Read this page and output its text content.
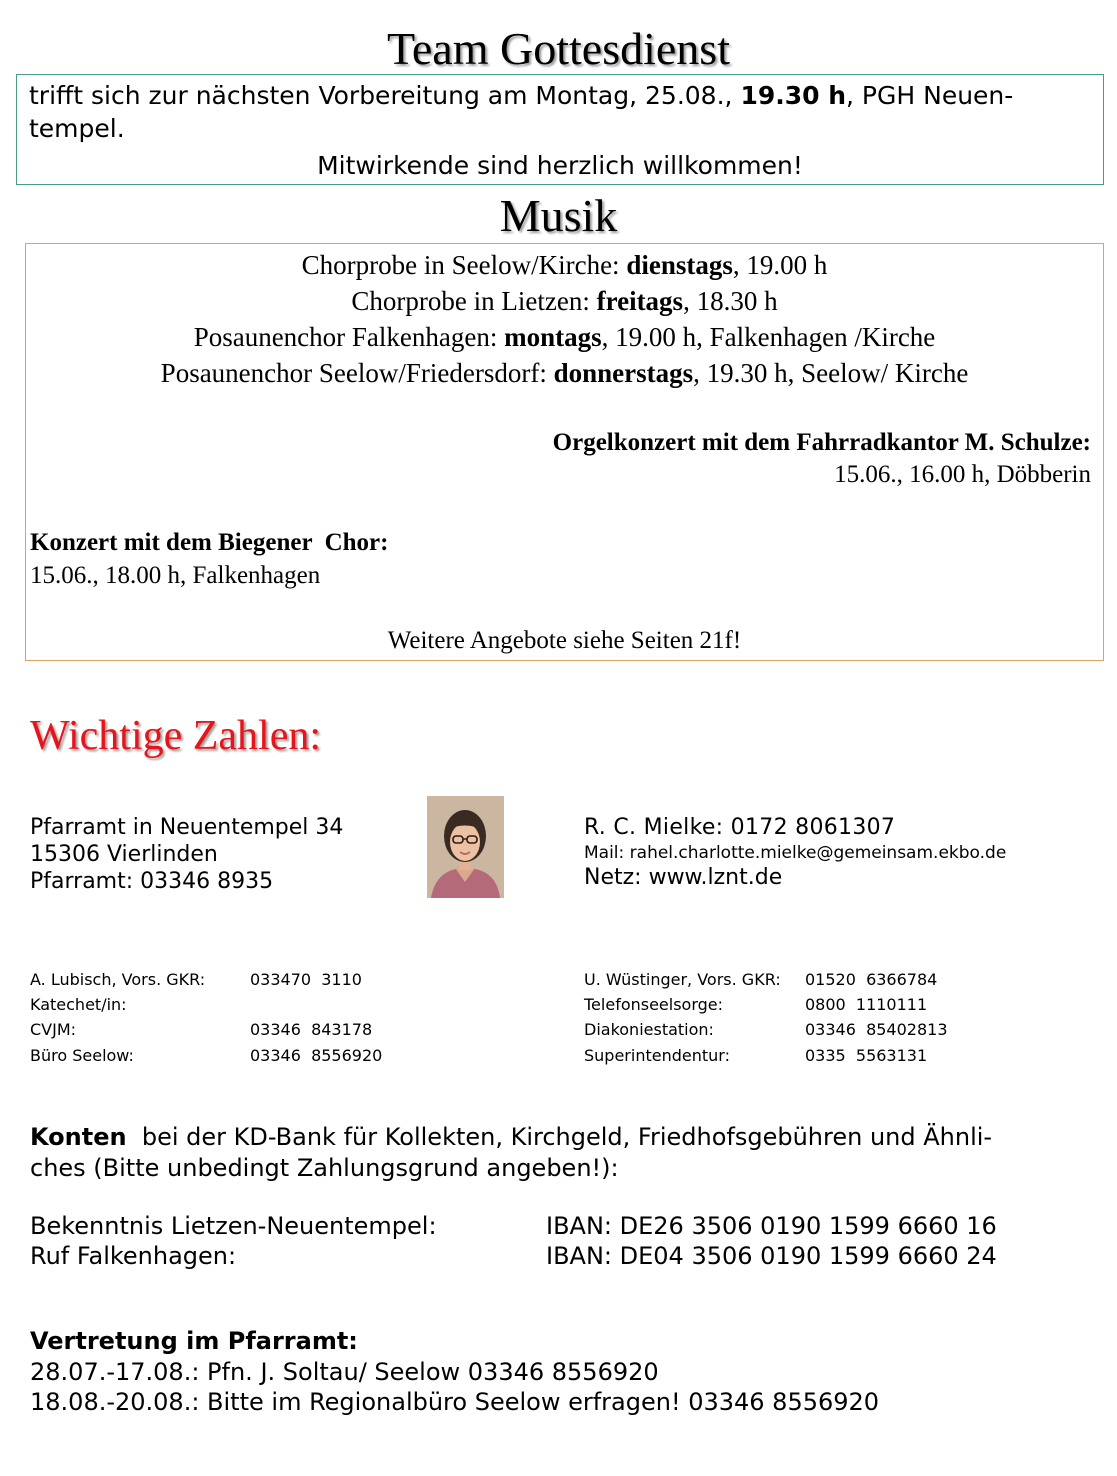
Team Gottesdienst
trifft sich zur nächsten Vorbereitung am Montag, 25.08., 19.30 h, PGH Neuen-
tempel.
Mitwirkende sind herzlich willkommen!
Musik
Chorprobe in Seelow/Kirche: dienstags, 19.00 h
Chorprobe in Lietzen: freitags, 18.30 h
Posaunenchor Falkenhagen: montags, 19.00 h, Falkenhagen /Kirche
Posaunenchor Seelow/Friedersdorf: donnerstags, 19.30 h, Seelow/ Kirche
Orgelkonzert mit dem Fahrradkantor M. Schulze:
15.06., 16.00 h, Döbberin
Konzert mit dem Biegener  Chor:
15.06., 18.00 h, Falkenhagen
Weitere Angebote siehe Seiten 21f!
Wichtige Zahlen:
Pfarramt in Neuentempel 34
15306 Vierlinden
Pfarramt: 03346 8935
R. C. Mielke: 0172 8061307
Mail: rahel.charlotte.mielke@gemeinsam.ekbo.de
Netz: www.lznt.de
A. Lubisch, Vors. GKR:	033470  3110
Katechet/in:
CVJM:	03346  843178
Büro Seelow:	03346  8556920
U. Wüstinger, Vors. GKR: 01520  6366784
Telefonseelsorge:	0800  1110111
Diakoniestation:	03346  85402813
Superintendentur:	0335  5563131
Konten  bei der KD-Bank für Kollekten, Kirchgeld, Friedhofsgebühren und Ähnli-
ches (Bitte unbedingt Zahlungsgrund angeben!):
Bekenntnis Lietzen-Neuentempel:	IBAN: DE26 3506 0190 1599 6660 16
Ruf Falkenhagen:	IBAN: DE04 3506 0190 1599 6660 24
Vertretung im Pfarramt:
28.07.-17.08.: Pfn. J. Soltau/ Seelow 03346 8556920
18.08.-20.08.: Bitte im Regionalbüro Seelow erfragen! 03346 8556920
